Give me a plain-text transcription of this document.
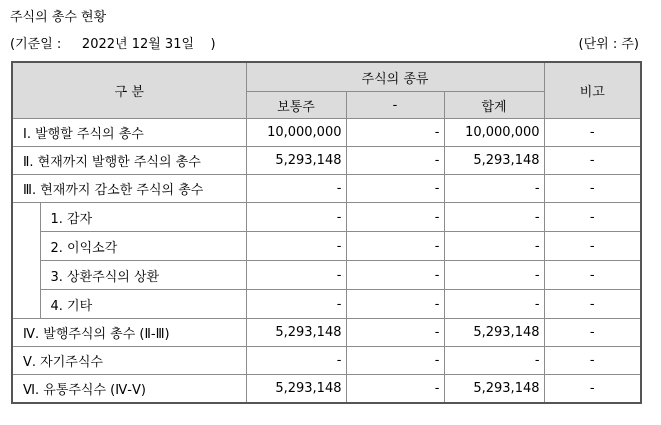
주식의 총수 현황
(기준일 :     2022년 12월 31일    )	(단위 : 주)
구 분		주식의 종류			비고
		보통주	-	합계	
Ⅰ. 발행할 주식의 총수		10,000,000	-	10,000,000	-
Ⅱ. 현재까지 발행한 주식의 총수		5,293,148	-	5,293,148	-
Ⅲ. 현재까지 감소한 주식의 총수		-	-	-	-
	1. 감자	-	-	-	-
	2. 이익소각	-	-	-	-
	3. 상환주식의 상환	-	-	-	-
	4. 기타	-	-	-	-
Ⅳ. 발행주식의 총수 (Ⅱ-Ⅲ)		5,293,148	-	5,293,148	-
Ⅴ. 자기주식수		-	-	-	-
Ⅵ. 유통주식수 (Ⅳ-Ⅴ)		5,293,148	-	5,293,148	-
